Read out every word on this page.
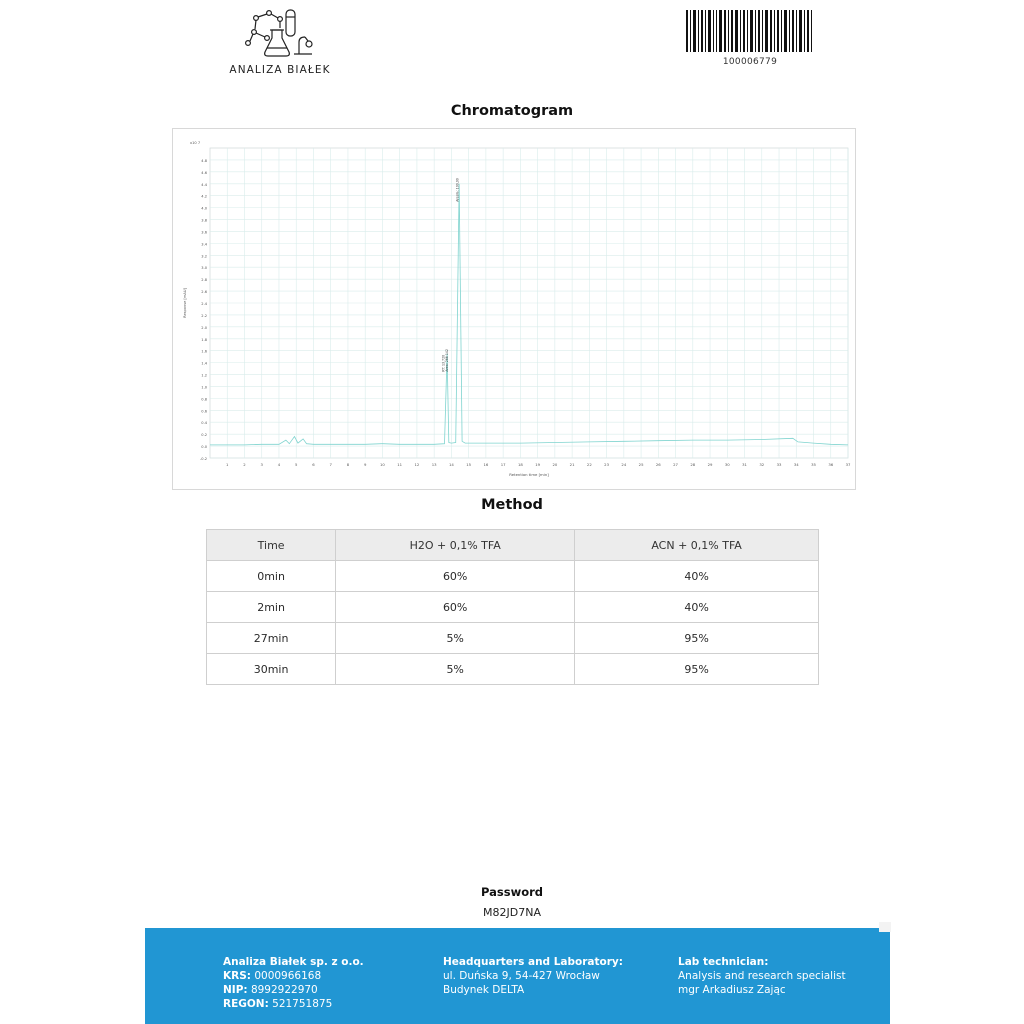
ANALIZA BIAŁEK
100006779
Chromatogram
-0.2
0.0
0.2
0.4
0.6
0.8
1.0
1.2
1.4
1.6
1.8
2.0
2.2
2.4
2.6
2.8
3.0
3.2
3.4
3.6
3.8
4.0
4.2
4.4
4.6
4.8
x10 7
1	2	3	4	5	6	7	8	9	10	11	12	13	14	15	16	17	18	19	20	21	22	23	24	25	26	27	28	29	30	31	32	33	34	35	36	37
Response [mAU]
Retention time [min]
RT: 13.720 Area: 266 142
Area%: 100,00
Method
Time	H2O + 0,1% TFA	ACN + 0,1% TFA
0min	60%	40%
2min	60%	40%
27min	5%	95%
30min	5%	95%
Password
M82JD7NA
Analiza Białek sp. z o.o.
KRS: 0000966168
NIP: 8992922970
REGON: 521751875
Headquarters and Laboratory:
ul. Duńska 9, 54-427 Wrocław
Budynek DELTA
Lab technician:
Analysis and research specialist
mgr Arkadiusz Zając
